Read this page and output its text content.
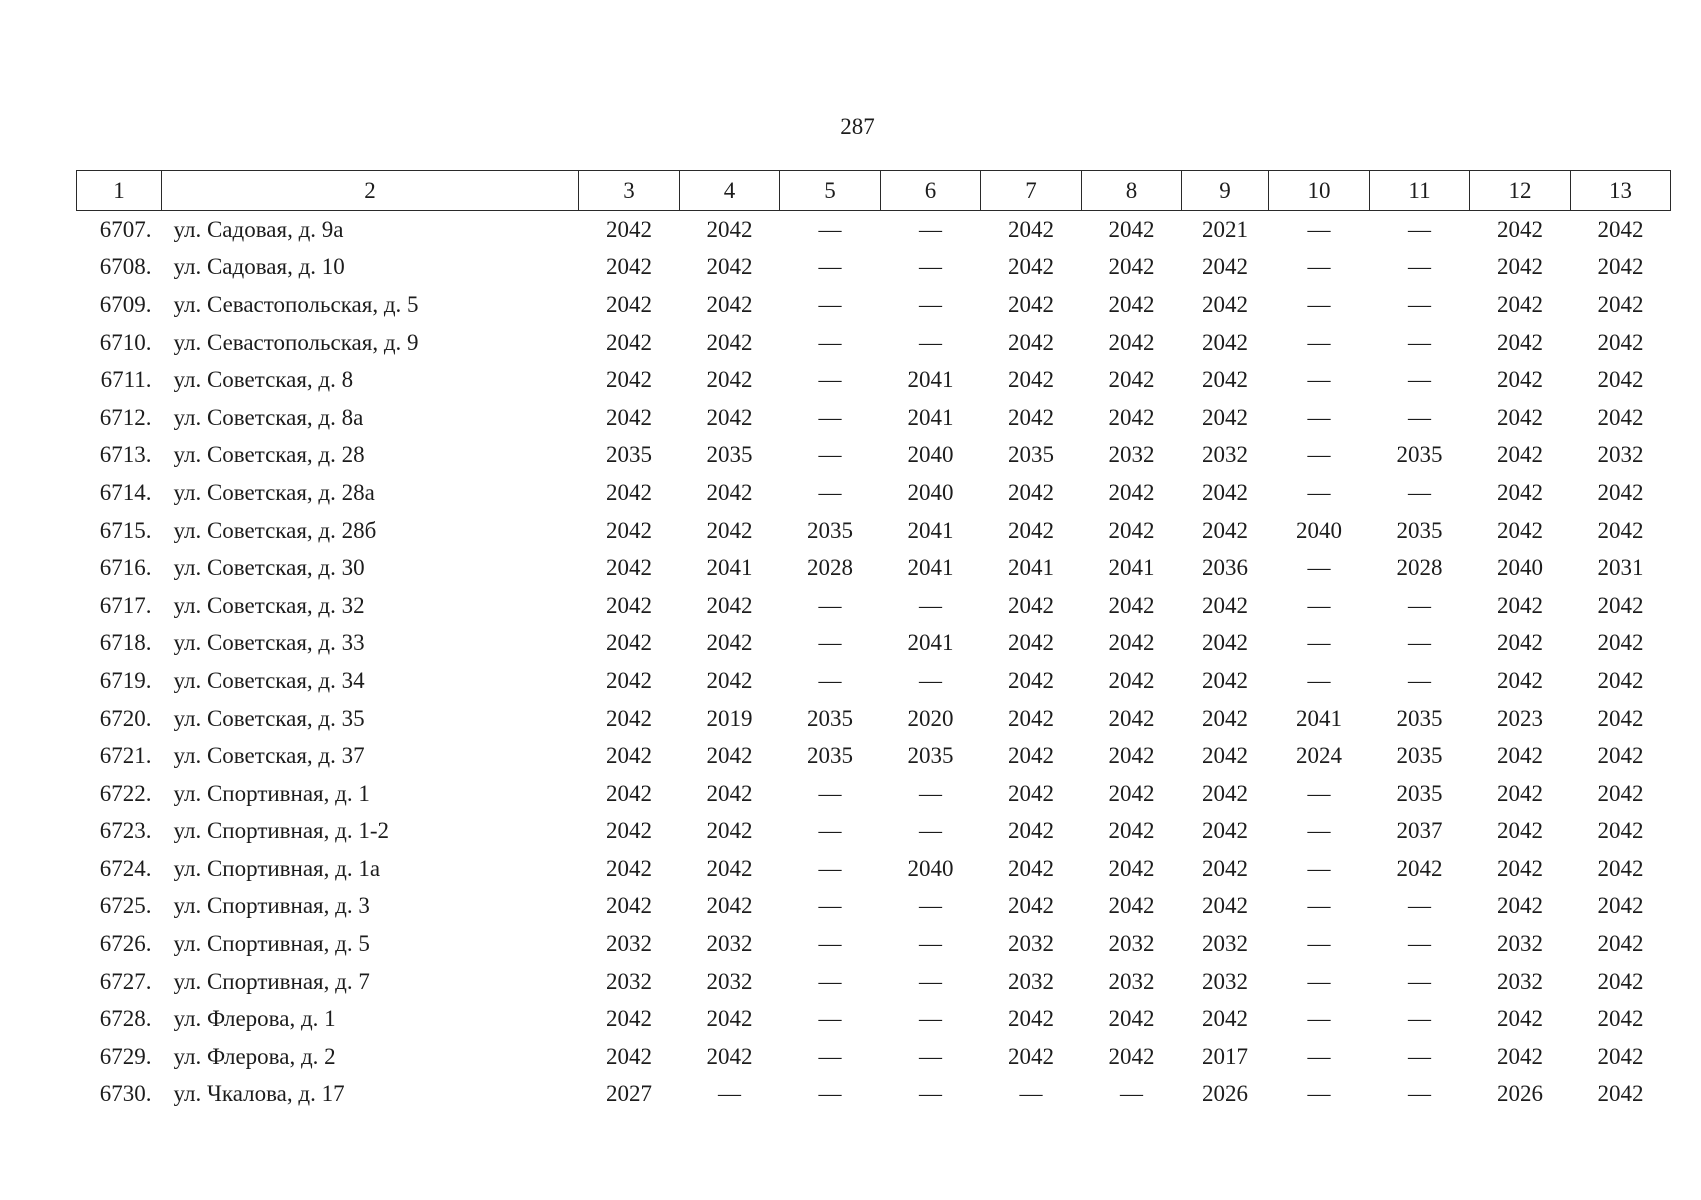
287
1	2	3	4	5	6	7	8	9	10	11	12	13
6707.	ул. Садовая, д. 9а	2042	2042	—	—	2042	2042	2021	—	—	2042	2042
6708.	ул. Садовая, д. 10	2042	2042	—	—	2042	2042	2042	—	—	2042	2042
6709.	ул. Севастопольская, д. 5	2042	2042	—	—	2042	2042	2042	—	—	2042	2042
6710.	ул. Севастопольская, д. 9	2042	2042	—	—	2042	2042	2042	—	—	2042	2042
6711.	ул. Советская, д. 8	2042	2042	—	2041	2042	2042	2042	—	—	2042	2042
6712.	ул. Советская, д. 8а	2042	2042	—	2041	2042	2042	2042	—	—	2042	2042
6713.	ул. Советская, д. 28	2035	2035	—	2040	2035	2032	2032	—	2035	2042	2032
6714.	ул. Советская, д. 28а	2042	2042	—	2040	2042	2042	2042	—	—	2042	2042
6715.	ул. Советская, д. 28б	2042	2042	2035	2041	2042	2042	2042	2040	2035	2042	2042
6716.	ул. Советская, д. 30	2042	2041	2028	2041	2041	2041	2036	—	2028	2040	2031
6717.	ул. Советская, д. 32	2042	2042	—	—	2042	2042	2042	—	—	2042	2042
6718.	ул. Советская, д. 33	2042	2042	—	2041	2042	2042	2042	—	—	2042	2042
6719.	ул. Советская, д. 34	2042	2042	—	—	2042	2042	2042	—	—	2042	2042
6720.	ул. Советская, д. 35	2042	2019	2035	2020	2042	2042	2042	2041	2035	2023	2042
6721.	ул. Советская, д. 37	2042	2042	2035	2035	2042	2042	2042	2024	2035	2042	2042
6722.	ул. Спортивная, д. 1	2042	2042	—	—	2042	2042	2042	—	2035	2042	2042
6723.	ул. Спортивная, д. 1-2	2042	2042	—	—	2042	2042	2042	—	2037	2042	2042
6724.	ул. Спортивная, д. 1а	2042	2042	—	2040	2042	2042	2042	—	2042	2042	2042
6725.	ул. Спортивная, д. 3	2042	2042	—	—	2042	2042	2042	—	—	2042	2042
6726.	ул. Спортивная, д. 5	2032	2032	—	—	2032	2032	2032	—	—	2032	2042
6727.	ул. Спортивная, д. 7	2032	2032	—	—	2032	2032	2032	—	—	2032	2042
6728.	ул. Флерова, д. 1	2042	2042	—	—	2042	2042	2042	—	—	2042	2042
6729.	ул. Флерова, д. 2	2042	2042	—	—	2042	2042	2017	—	—	2042	2042
6730.	ул. Чкалова, д. 17	2027	—	—	—	—	—	2026	—	—	2026	2042
